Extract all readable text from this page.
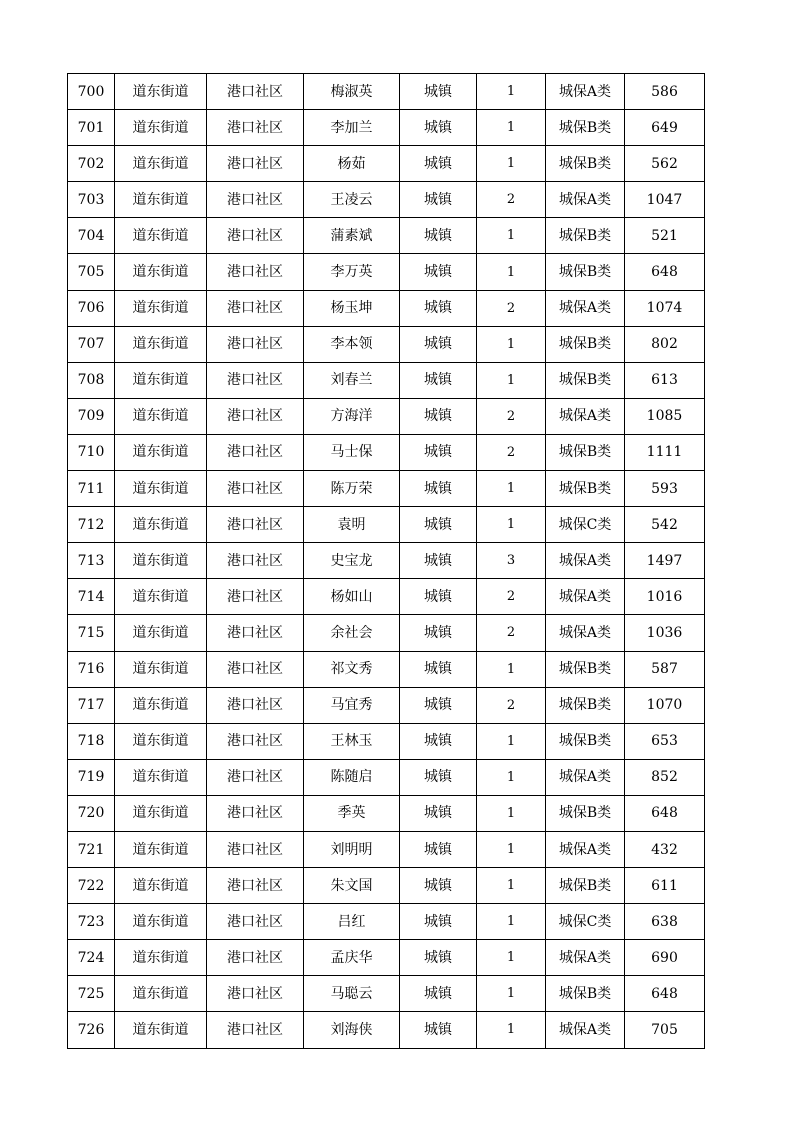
700	道东街道	港口社区	梅淑英	城镇	1	城保A类	586
701	道东街道	港口社区	李加兰	城镇	1	城保B类	649
702	道东街道	港口社区	杨茹	城镇	1	城保B类	562
703	道东街道	港口社区	王凌云	城镇	2	城保A类	1047
704	道东街道	港口社区	蒲素斌	城镇	1	城保B类	521
705	道东街道	港口社区	李万英	城镇	1	城保B类	648
706	道东街道	港口社区	杨玉坤	城镇	2	城保A类	1074
707	道东街道	港口社区	李本领	城镇	1	城保B类	802
708	道东街道	港口社区	刘春兰	城镇	1	城保B类	613
709	道东街道	港口社区	方海洋	城镇	2	城保A类	1085
710	道东街道	港口社区	马士保	城镇	2	城保B类	1111
711	道东街道	港口社区	陈万荣	城镇	1	城保B类	593
712	道东街道	港口社区	袁明	城镇	1	城保C类	542
713	道东街道	港口社区	史宝龙	城镇	3	城保A类	1497
714	道东街道	港口社区	杨如山	城镇	2	城保A类	1016
715	道东街道	港口社区	余社会	城镇	2	城保A类	1036
716	道东街道	港口社区	祁文秀	城镇	1	城保B类	587
717	道东街道	港口社区	马宜秀	城镇	2	城保B类	1070
718	道东街道	港口社区	王林玉	城镇	1	城保B类	653
719	道东街道	港口社区	陈随启	城镇	1	城保A类	852
720	道东街道	港口社区	季英	城镇	1	城保B类	648
721	道东街道	港口社区	刘明明	城镇	1	城保A类	432
722	道东街道	港口社区	朱文国	城镇	1	城保B类	611
723	道东街道	港口社区	吕红	城镇	1	城保C类	638
724	道东街道	港口社区	孟庆华	城镇	1	城保A类	690
725	道东街道	港口社区	马聪云	城镇	1	城保B类	648
726	道东街道	港口社区	刘海侠	城镇	1	城保A类	705
